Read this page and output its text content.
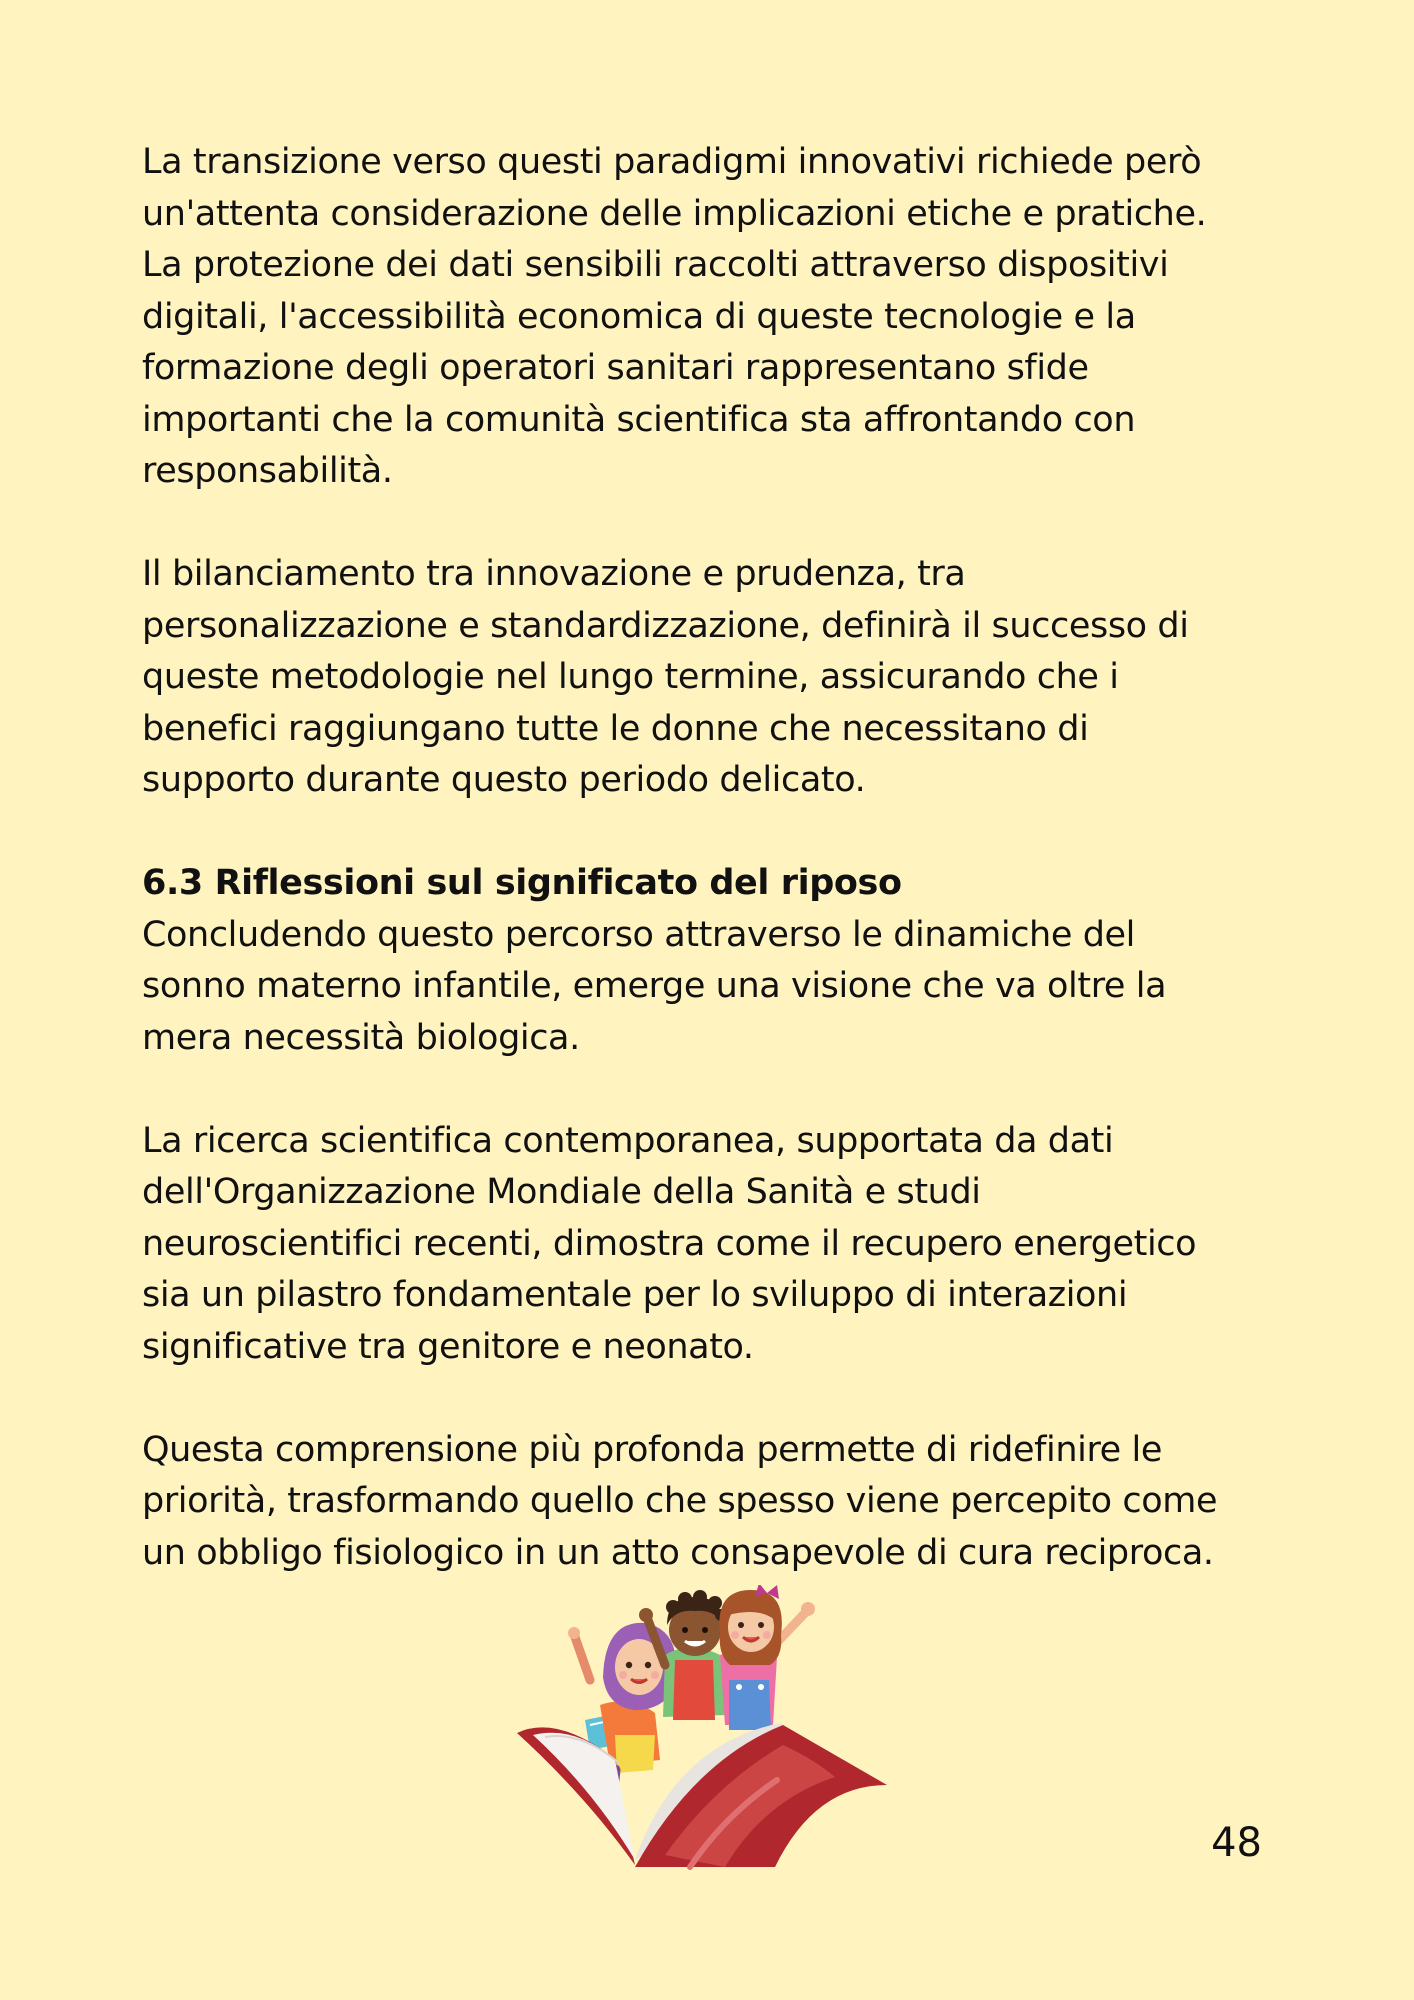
La transizione verso questi paradigmi innovativi richiede però
un'attenta considerazione delle implicazioni etiche e pratiche.
La protezione dei dati sensibili raccolti attraverso dispositivi
digitali, l'accessibilità economica di queste tecnologie e la
formazione degli operatori sanitari rappresentano sfide
importanti che la comunità scientifica sta affrontando con
responsabilità.
Il bilanciamento tra innovazione e prudenza, tra
personalizzazione e standardizzazione, definirà il successo di
queste metodologie nel lungo termine, assicurando che i
benefici raggiungano tutte le donne che necessitano di
supporto durante questo periodo delicato.
6.3 Riflessioni sul significato del riposo
Concludendo questo percorso attraverso le dinamiche del
sonno materno infantile, emerge una visione che va oltre la
mera necessità biologica.
La ricerca scientifica contemporanea, supportata da dati
dell'Organizzazione Mondiale della Sanità e studi
neuroscientifici recenti, dimostra come il recupero energetico
sia un pilastro fondamentale per lo sviluppo di interazioni
significative tra genitore e neonato.
Questa comprensione più profonda permette di ridefinire le
priorità, trasformando quello che spesso viene percepito come
un obbligo fisiologico in un atto consapevole di cura reciproca.
48
